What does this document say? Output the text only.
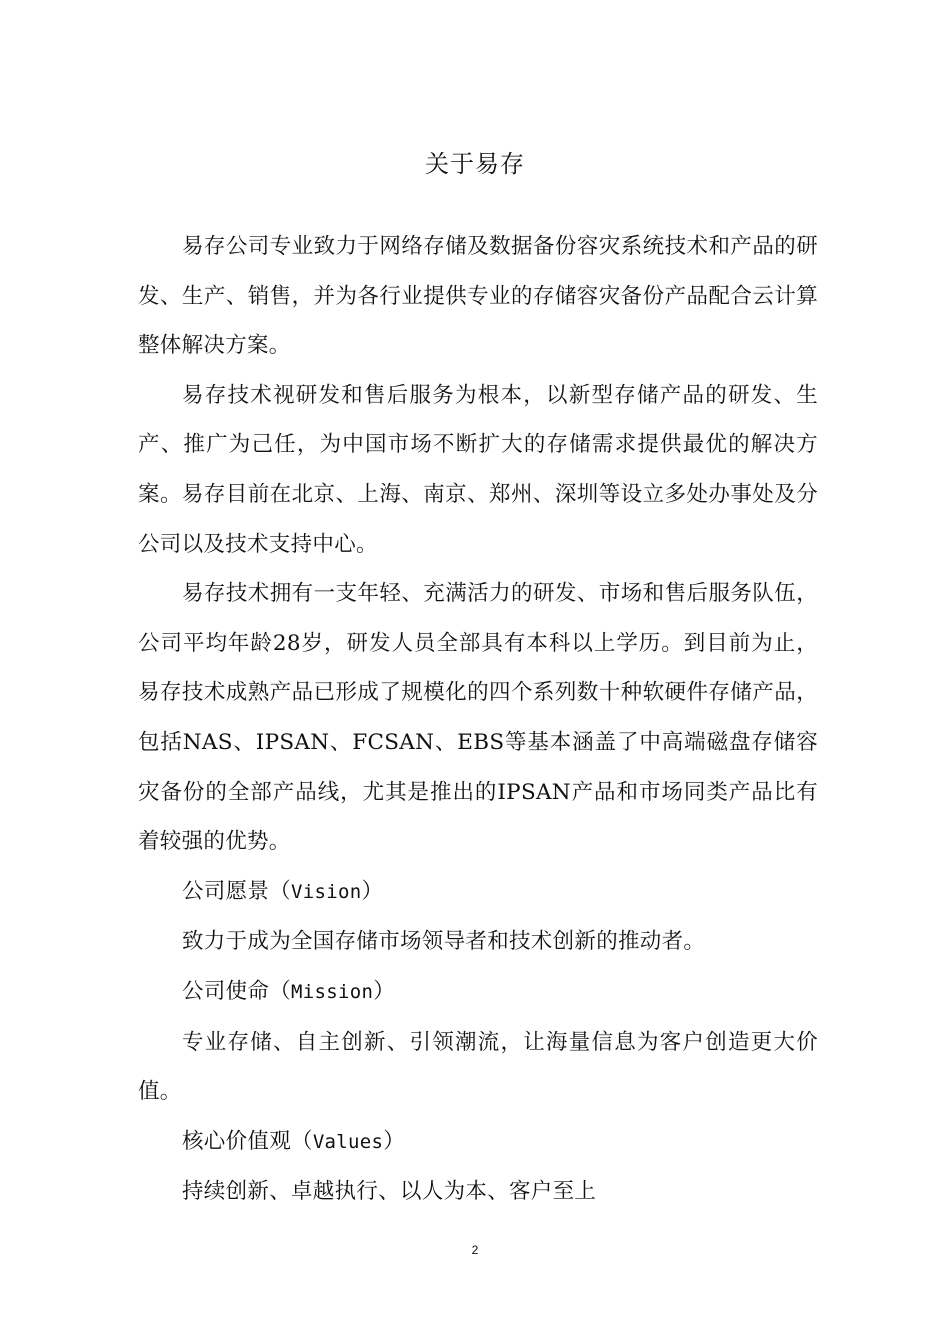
关于易存

易存公司专业致力于网络存储及数据备份容灾系统技术和产品的研发、生产、销售，并为各行业提供专业的存储容灾备份产品配合云计算整体解决方案。

易存技术视研发和售后服务为根本，以新型存储产品的研发、生产、推广为己任，为中国市场不断扩大的存储需求提供最优的解决方案。易存目前在北京、上海、南京、郑州、深圳等设立多处办事处及分公司以及技术支持中心。

易存技术拥有一支年轻、充满活力的研发、市场和售后服务队伍，公司平均年龄28岁，研发人员全部具有本科以上学历。到目前为止，易存技术成熟产品已形成了规模化的四个系列数十种软硬件存储产品，包括NAS、IPSAN、FCSAN、EBS等基本涵盖了中高端磁盘存储容灾备份的全部产品线，尤其是推出的IPSAN产品和市场同类产品比有着较强的优势。

公司愿景（Vision）

致力于成为全国存储市场领导者和技术创新的推动者。

公司使命（Mission）

专业存储、自主创新、引领潮流，让海量信息为客户创造更大价值。

核心价值观（Values）

持续创新、卓越执行、以人为本、客户至上

2
